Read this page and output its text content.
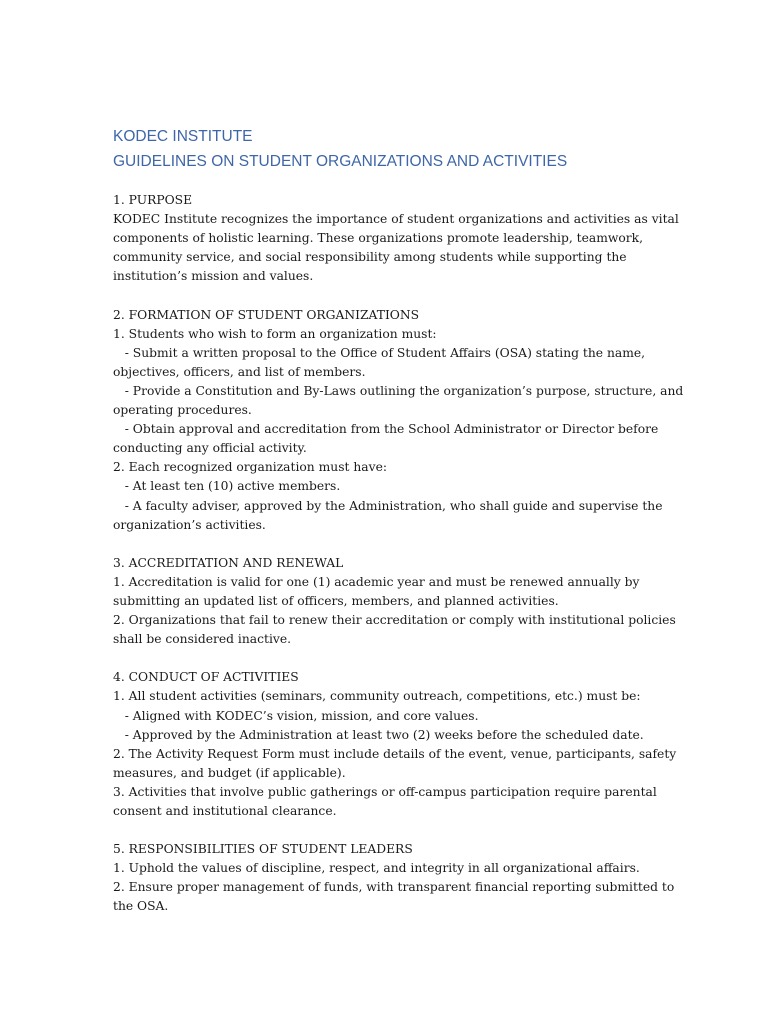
KODEC INSTITUTE
GUIDELINES ON STUDENT ORGANIZATIONS AND ACTIVITIES
1. PURPOSE
KODEC Institute recognizes the importance of student organizations and activities as vital
components of holistic learning. These organizations promote leadership, teamwork,
community service, and social responsibility among students while supporting the
institution’s mission and values.
2. FORMATION OF STUDENT ORGANIZATIONS
1. Students who wish to form an organization must:
- Submit a written proposal to the Office of Student Affairs (OSA) stating the name,
objectives, officers, and list of members.
- Provide a Constitution and By-Laws outlining the organization’s purpose, structure, and
operating procedures.
- Obtain approval and accreditation from the School Administrator or Director before
conducting any official activity.
2. Each recognized organization must have:
- At least ten (10) active members.
- A faculty adviser, approved by the Administration, who shall guide and supervise the
organization’s activities.
3. ACCREDITATION AND RENEWAL
1. Accreditation is valid for one (1) academic year and must be renewed annually by
submitting an updated list of officers, members, and planned activities.
2. Organizations that fail to renew their accreditation or comply with institutional policies
shall be considered inactive.
4. CONDUCT OF ACTIVITIES
1. All student activities (seminars, community outreach, competitions, etc.) must be:
- Aligned with KODEC’s vision, mission, and core values.
- Approved by the Administration at least two (2) weeks before the scheduled date.
2. The Activity Request Form must include details of the event, venue, participants, safety
measures, and budget (if applicable).
3. Activities that involve public gatherings or off-campus participation require parental
consent and institutional clearance.
5. RESPONSIBILITIES OF STUDENT LEADERS
1. Uphold the values of discipline, respect, and integrity in all organizational affairs.
2. Ensure proper management of funds, with transparent financial reporting submitted to
the OSA.
